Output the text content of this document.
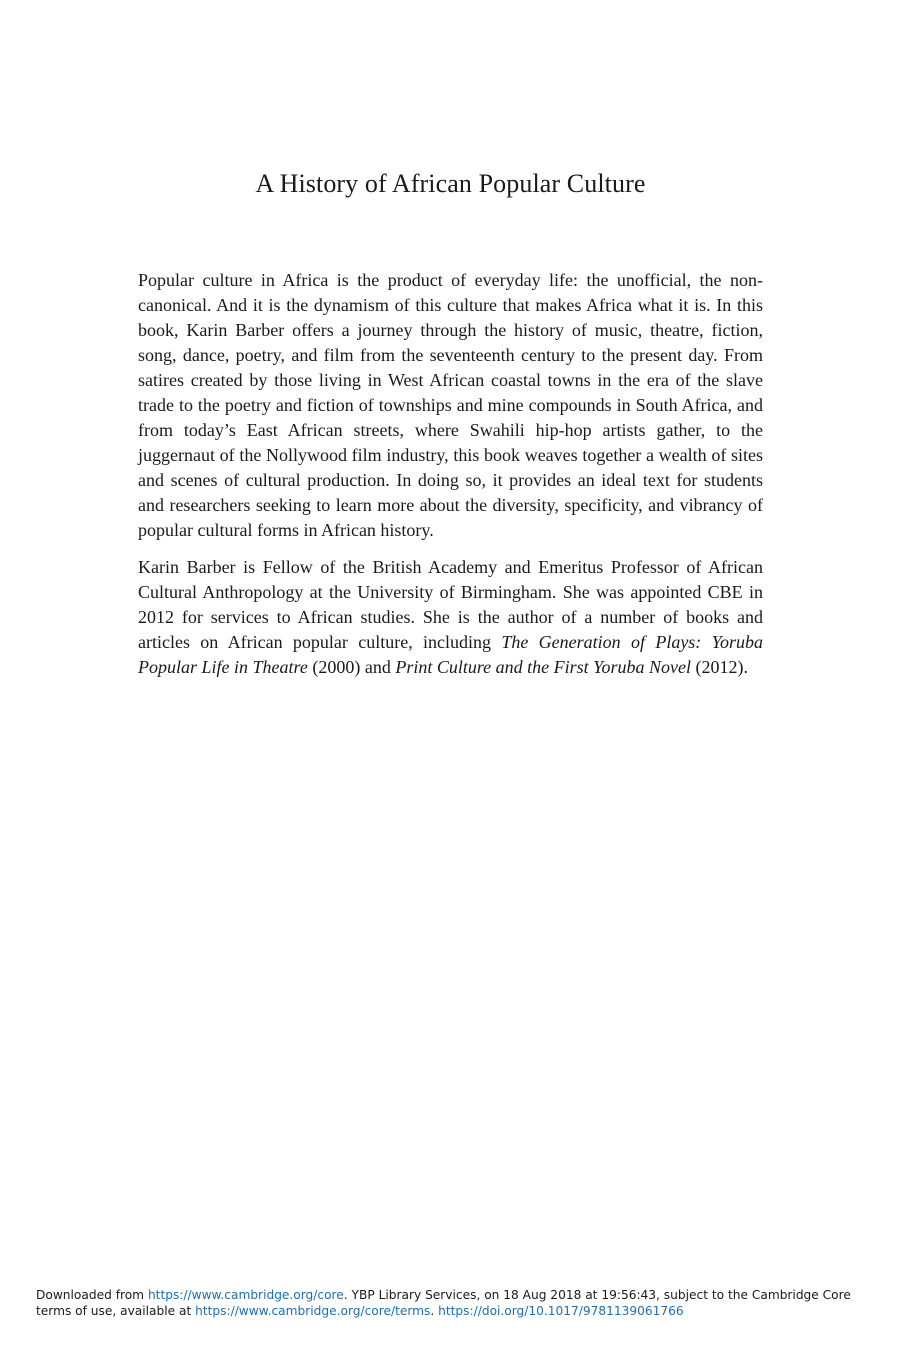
A History of African Popular Culture

Popular culture in Africa is the product of everyday life: the unofficial, the non-canonical. And it is the dynamism of this culture that makes Africa what it is. In this book, Karin Barber offers a journey through the history of music, theatre, fiction, song, dance, poetry, and film from the seventeenth century to the present day. From satires created by those living in West African coastal towns in the era of the slave trade to the poetry and fiction of townships and mine compounds in South Africa, and from today’s East African streets, where Swahili hip-hop artists gather, to the juggernaut of the Nollywood film industry, this book weaves together a wealth of sites and scenes of cultural production. In doing so, it provides an ideal text for students and researchers seeking to learn more about the diversity, specificity, and vibrancy of popular cultural forms in African history.

Karin Barber is Fellow of the British Academy and Emeritus Professor of African Cultural Anthropology at the University of Birmingham. She was appointed CBE in 2012 for services to African studies. She is the author of a number of books and articles on African popular culture, including The Generation of Plays: Yoruba Popular Life in Theatre (2000) and Print Culture and the First Yoruba Novel (2012).

Downloaded from https://www.cambridge.org/core. YBP Library Services, on 18 Aug 2018 at 19:56:43, subject to the Cambridge Core terms of use, available at https://www.cambridge.org/core/terms. https://doi.org/10.1017/9781139061766
